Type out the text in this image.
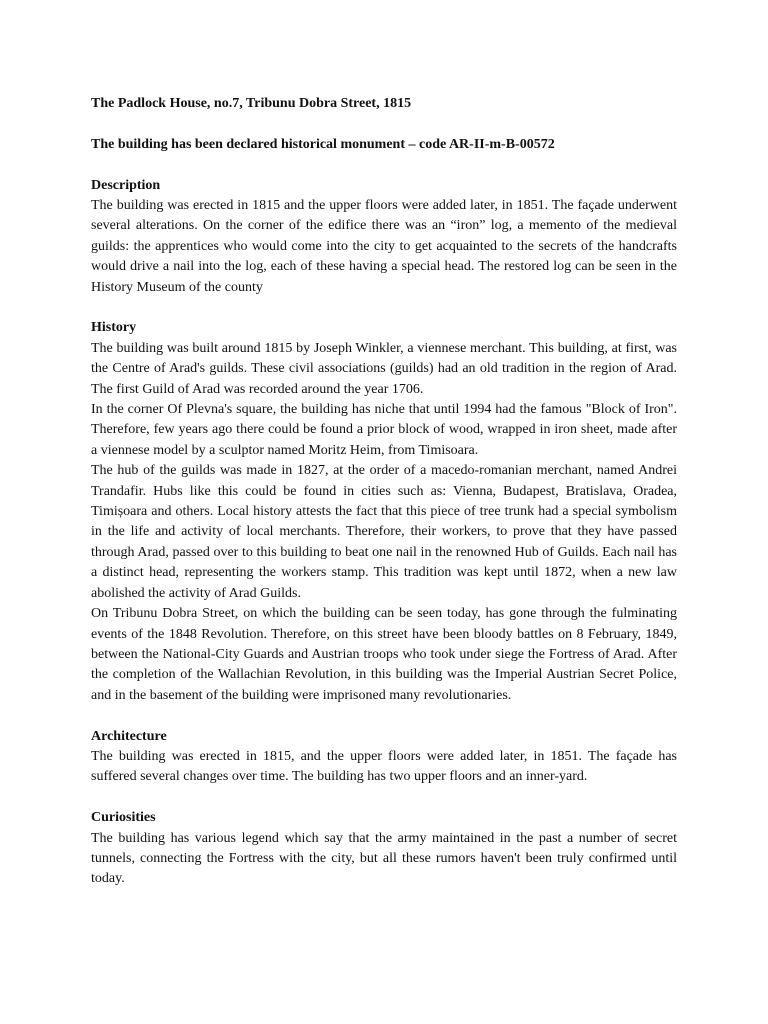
The Padlock House, no.7, Tribunu Dobra Street, 1815

The building has been declared historical monument – code AR-II-m-B-00572

Description

The building was erected in 1815 and the upper floors were added later, in 1851. The façade underwent several alterations. On the corner of the edifice there was an “iron” log, a memento of the medieval guilds: the apprentices who would come into the city to get acquainted to the secrets of the handcrafts would drive a nail into the log, each of these having a special head. The restored log can be seen in the History Museum of the county

History

The building was built around 1815 by Joseph Winkler, a viennese merchant. This building, at first, was the Centre of Arad's guilds. These civil associations (guilds) had an old tradition in the region of Arad. The first Guild of Arad was recorded around the year 1706.

In the corner Of Plevna's square, the building has niche that until 1994 had the famous "Block of Iron". Therefore, few years ago there could be found a prior block of wood, wrapped in iron sheet, made after a viennese model by a sculptor named Moritz Heim, from Timisoara.

The hub of the guilds was made in 1827, at the order of a macedo-romanian merchant, named Andrei Trandafir. Hubs like this could be found in cities such as: Vienna, Budapest, Bratislava, Oradea, Timișoara and others. Local history attests the fact that this piece of tree trunk had a special symbolism in the life and activity of local merchants. Therefore, their workers, to prove that they have passed through Arad, passed over to this building to beat one nail in the renowned Hub of Guilds. Each nail has a distinct head, representing the workers stamp. This tradition was kept until 1872, when a new law abolished the activity of Arad Guilds.

On Tribunu Dobra Street, on which the building can be seen today, has gone through the fulminating events of the 1848 Revolution. Therefore, on this street have been bloody battles on 8 February, 1849, between the National-City Guards and Austrian troops who took under siege the Fortress of Arad. After the completion of the Wallachian Revolution, in this building was the Imperial Austrian Secret Police, and in the basement of the building were imprisoned many revolutionaries.

Architecture

The building was erected in 1815, and the upper floors were added later, in 1851. The façade has suffered several changes over time. The building has two upper floors and an inner-yard.

Curiosities

The building has various legend which say that the army maintained in the past a number of secret tunnels, connecting the Fortress with the city, but all these rumors haven't been truly confirmed until today.
